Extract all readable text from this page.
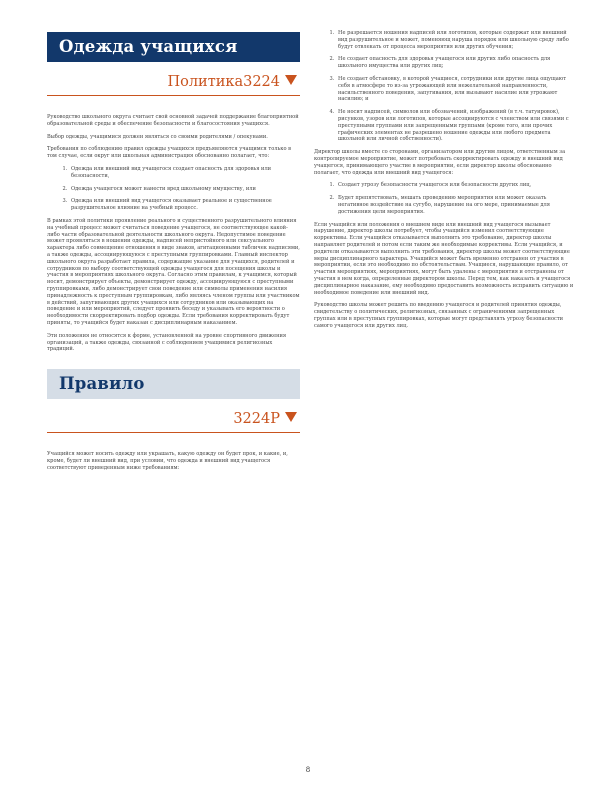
Одежда учащихся
Политика3224

Руководство школьного округа считает свой основной задачей поддержание благоприятной образовательной среды и обеспечение безопасности и благосостояния учащихся.

Выбор одежды, учащимися должен являться со своими родителями / опекунами.

Требования по соблюдению правил одежды учащихся предъявляются учащимся только в том случае, если округ или школьная администрация обоснованно полагает, что:

1. Одежда или внешний вид учащегося создает опасность для здоровья или безопасности,
2. Одежда учащегося может нанести вред школьному имуществу, или
3. Одежда или внешний вид учащегося оказывает реальное и существенное разрушительное влияние на учебный процесс.

В рамках этой политики проявление реального и существенного разрушительного влияния на учебный процесс может считаться поведение учащегося, не соответствующее какой-либо части образовательной деятельности школьного округа. Недопустимое поведение может проявляться в ношении одежды, надписей непристойного или сексуального характера либо совмещение отношения в виде знаков, агитационными табличек надписями, а также одежды, ассоциирующуюся с преступными группировками. Главный инспектор школьного округа разработает правила, содержащие указание для учащихся, родителей и сотрудников по выбору соответствующей одежды учащегося для посещения школы и участия в мероприятиях школьного округа. Согласно этим правилам, к учащимся, который носит, демонстрирует объекты, демонстрирует одежду, ассоциирующуюся с преступными группировками, либо демонстрирует свои поведение или символы применения насилия принадлежность к преступным группировкам, либо являясь членом группы или участником в действий, запугивающих других учащихся или сотрудников или оказывающих на поведение и или мероприятий, следует проявить беседу и указывать его вероятности о необходимости скорректировать подбор одежды. Если требования корректировать будут приняты, то учащийся будет наказан с дисциплинарным наказанием.

Эти положения не относятся к форме, установленной на уровне спортивного движения организаций, а также одежды, связанной с соблюдением учащимися религиозных традиций.

Правило
3224P

Учащийся может носить одежду или украшать, какую одежду он будет прок, и какие, и, кроме, будет ли внешний вид, при условии, что одежда и внешний вид учащегося соответствуют приведенным ниже требованиям:

1. Не разрешается ношения надписей или логотипов, которые содержат или внешний вид разрушительное и может, поменяющ наруша порядок или школьную среду либо будут отвлекать от процесса мероприятия или других обучения;
2. Не создает опасность для здоровья учащегося или других либо опасность для школьного имущества или других лиц;
3. Не создает обстановку, в которой учащиеся, сотрудники или другие лица ощущают себя в атмосфере то из-за угрожающей или нежелательной направленности, насильственного поведения, запугивания, или вызывают насилие или угрожают насилию; и
4. Не носит надписей, символов или обозначений, изображений (в т.ч. татуировок), рисунков, узоров или логотипов, которые ассоциируются с членством или связями с преступными группами или запрещенными группами (кроме того, или прочих графических элементах не разрешено ношение одежды или любого предмета школьной или личной собственности).

Директор школы вместе со сторонами, организатором или другим лицом, ответственным за контролируемое мероприятие, может потребовать скорректировать одежду и внешний вид учащегося, принимающего участие в мероприятии, если директор школы обоснованно полагает, что одежда или внешний вид учащегося:

1. Создает угрозу безопасности учащегося или безопасности других лиц,
2. Будет препятствовать, мешать проведению мероприятия или может оказать негативное воздействие на сугубо, нарушение на ого мере, принимаемые для достижения цели мероприятия.

Если учащийся или положения о внешнем виде или внешний вид учащегося вызывает нарушение, директор школы потребует, чтобы учащийся изменил соответствующие коррективы. Если учащийся отказывается выполнить это требование, директор школы направляет родителей и потом если таким же необходимые коррективы. Если учащийся, и родители отказываются выполнить эти требования, директор школы может соответствующие меры дисциплинарного характера. Учащийся может быть временно отстранен от участия в мероприятии, если это необходимо по обстоятельствам. Учащиеся, нарушающие правило, от участия мероприятиях, мероприятиях, могут быть удалены с мероприятия и отстранены от участия в нем когда, определенные директором школы. Перед тем, как наказать и учащегося дисциплинарное наказание, ему необходимо предоставить возможность исправить ситуацию и необходимое поведение или внешний вид.

Руководство школы может решить по введению учащегося и родителей принятия одежды, свидетельству о политических, религиозных, связанных с ограничениями запрещенных группах или в преступных группировках, которые могут представлять угрозу безопасности самого учащегося или других лиц.

8
